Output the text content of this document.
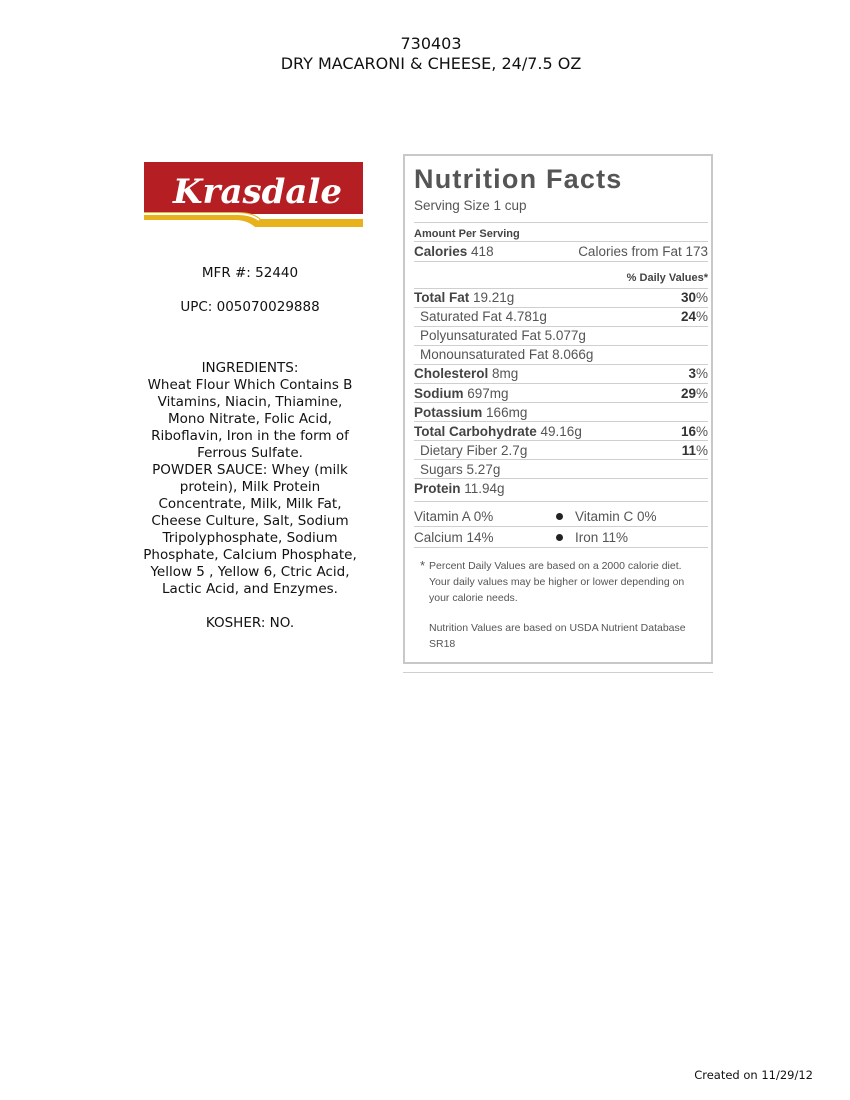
730403
DRY MACARONI & CHEESE, 24/7.5 OZ
Krasdale
MFR #: 52440
UPC: 005070029888
INGREDIENTS:
Wheat Flour Which Contains B
Vitamins, Niacin, Thiamine,
Mono Nitrate, Folic Acid,
Riboflavin, Iron in the form of
Ferrous Sulfate.
POWDER SAUCE: Whey (milk
protein), Milk Protein
Concentrate, Milk, Milk Fat,
Cheese Culture, Salt, Sodium
Tripolyphosphate, Sodium
Phosphate, Calcium Phosphate,
Yellow 5 , Yellow 6, Ctric Acid,
Lactic Acid, and Enzymes.
KOSHER: NO.
Nutrition Facts
Serving Size 1 cup
Amount Per Serving
Calories 418	Calories from Fat 173
% Daily Values*
Total Fat 19.21g	30%
Saturated Fat 4.781g	24%
Polyunsaturated Fat 5.077g
Monounsaturated Fat 8.066g
Cholesterol 8mg	3%
Sodium 697mg	29%
Potassium 166mg
Total Carbohydrate 49.16g	16%
Dietary Fiber 2.7g	11%
Sugars 5.27g
Protein 11.94g
Vitamin A 0%	Vitamin C 0%
Calcium 14%	Iron 11%
* Percent Daily Values are based on a 2000 calorie diet.
Your daily values may be higher or lower depending on
your calorie needs.
Nutrition Values are based on USDA Nutrient Database
SR18
Created on 11/29/12
